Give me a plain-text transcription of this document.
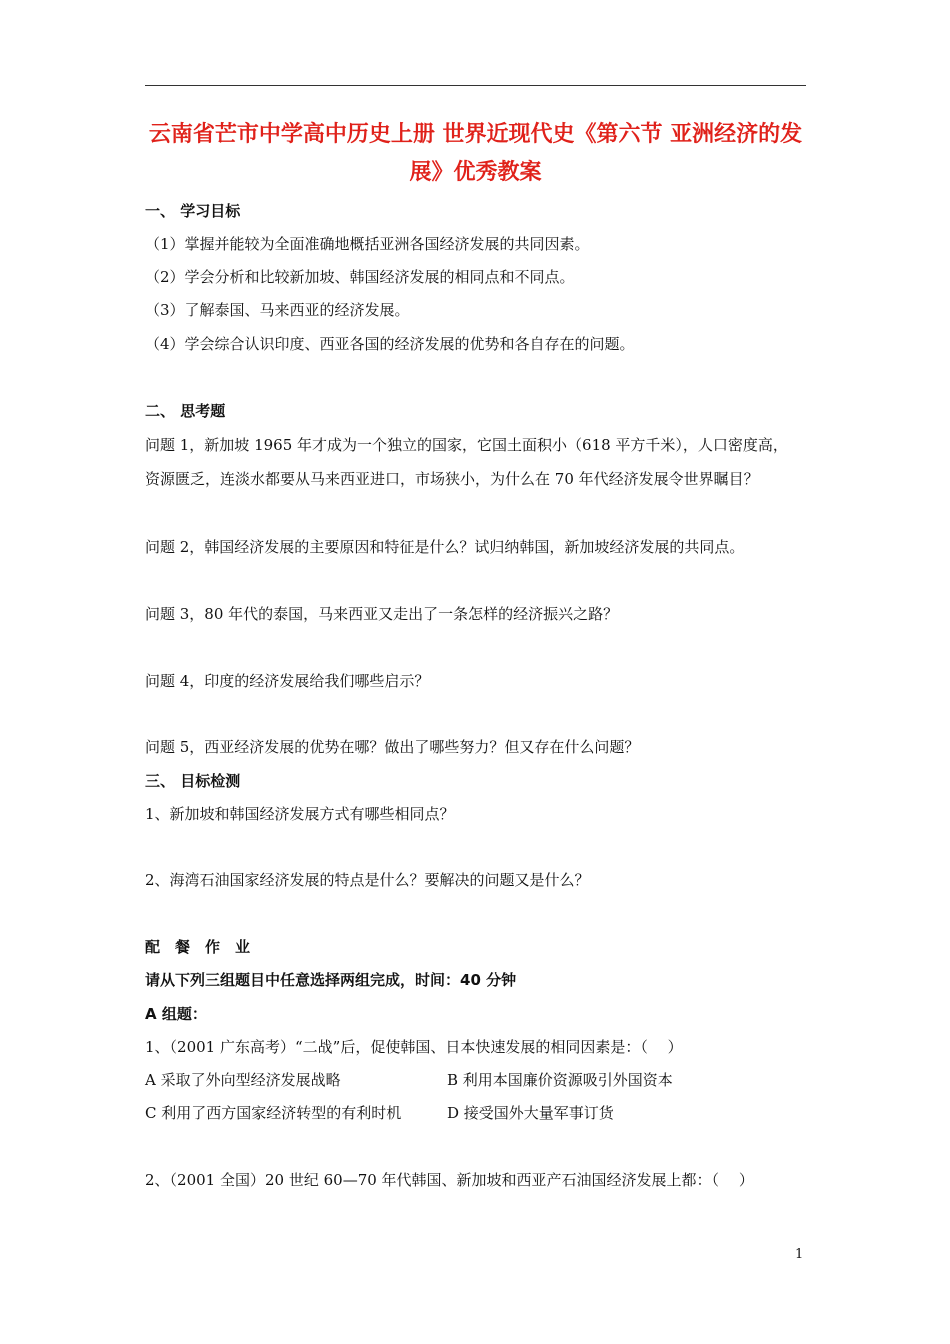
云南省芒市中学高中历史上册 世界近现代史《第六节 亚洲经济的发展》优秀教案
一、 学习目标
（1）掌握并能较为全面准确地概括亚洲各国经济发展的共同因素。
（2）学会分析和比较新加坡、韩国经济发展的相同点和不同点。
（3）了解泰国、马来西亚的经济发展。
（4）学会综合认识印度、西亚各国的经济发展的优势和各自存在的问题。
二、 思考题
问题 1，新加坡 1965 年才成为一个独立的国家，它国土面积小（618 平方千米），人口密度高，
资源匮乏，连淡水都要从马来西亚进口，市场狭小，为什么在 70 年代经济发展令世界瞩目？
问题 2，韩国经济发展的主要原因和特征是什么？试归纳韩国，新加坡经济发展的共同点。
问题 3，80 年代的泰国，马来西亚又走出了一条怎样的经济振兴之路？
问题 4，印度的经济发展给我们哪些启示？
问题 5，西亚经济发展的优势在哪？做出了哪些努力？但又存在什么问题？
三、 目标检测
1、新加坡和韩国经济发展方式有哪些相同点？
2、海湾石油国家经济发展的特点是什么？要解决的问题又是什么？
配　餐　作　业
请从下列三组题目中任意选择两组完成，时间：40 分钟
A 组题：
1、（2001 广东高考）“二战”后，促使韩国、日本快速发展的相同因素是：（　 ）
A 采取了外向型经济发展战略	B 利用本国廉价资源吸引外国资本
C 利用了西方国家经济转型的有利时机	D 接受国外大量军事订货
2、（2001 全国）20 世纪 60—70 年代韩国、新加坡和西亚产石油国经济发展上都：（　 ）
1
